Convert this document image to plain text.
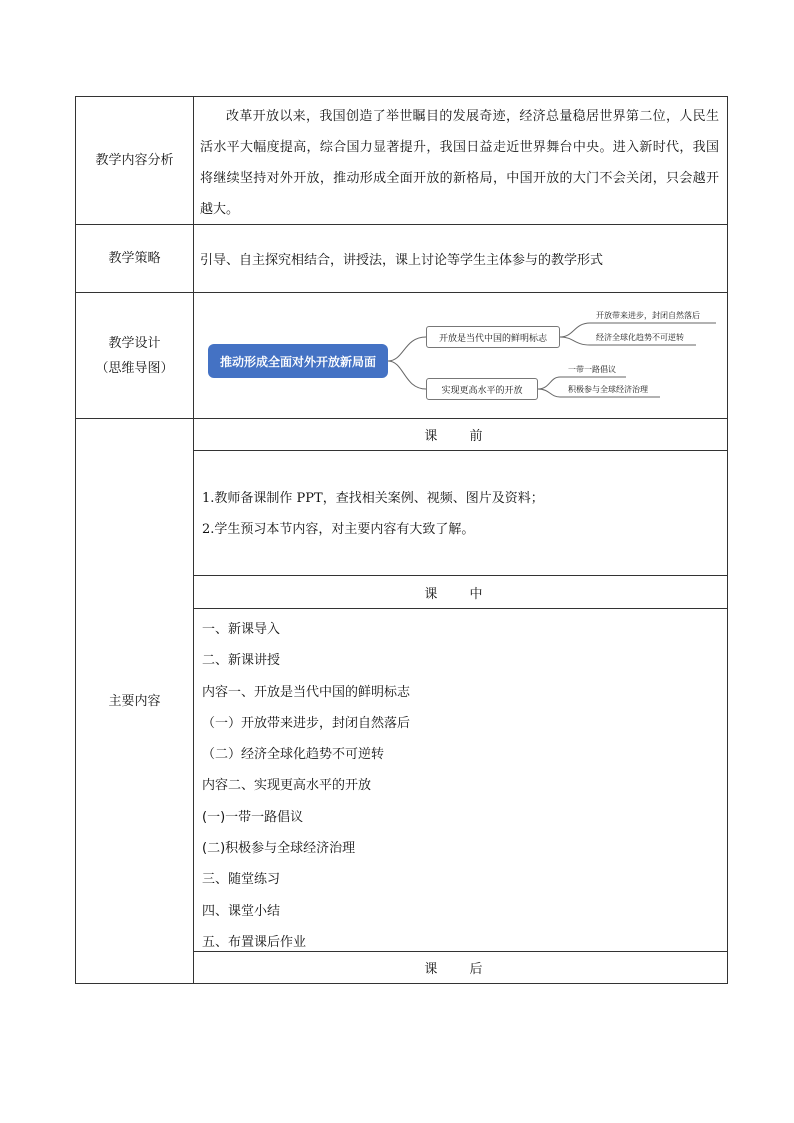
教学内容分析
改革开放以来，我国创造了举世瞩目的发展奇迹，经济总量稳居世界第二位，人民生活水平大幅度提高，综合国力显著提升，我国日益走近世界舞台中央。进入新时代，我国将继续坚持对外开放，推动形成全面开放的新格局，中国开放的大门不会关闭，只会越开越大。
教学策略	引导、自主探究相结合，讲授法，课上讨论等学生主体参与的教学形式
教学设计
（思维导图）	推动形成全面对外开放新局面
开放是当代中国的鲜明标志
实现更高水平的开放
开放带来进步，封闭自然落后
经济全球化趋势不可逆转
一带一路倡议
积极参与全球经济治理
主要内容
课 前
1.教师备课制作 PPT，查找相关案例、视频、图片及资料；
2.学生预习本节内容，对主要内容有大致了解。
课 中
一、新课导入
二、新课讲授
内容一、开放是当代中国的鲜明标志
（一）开放带来进步，封闭自然落后
（二）经济全球化趋势不可逆转
内容二、实现更高水平的开放
(一)一带一路倡议
(二)积极参与全球经济治理
三、随堂练习
四、课堂小结
五、布置课后作业
课 后
